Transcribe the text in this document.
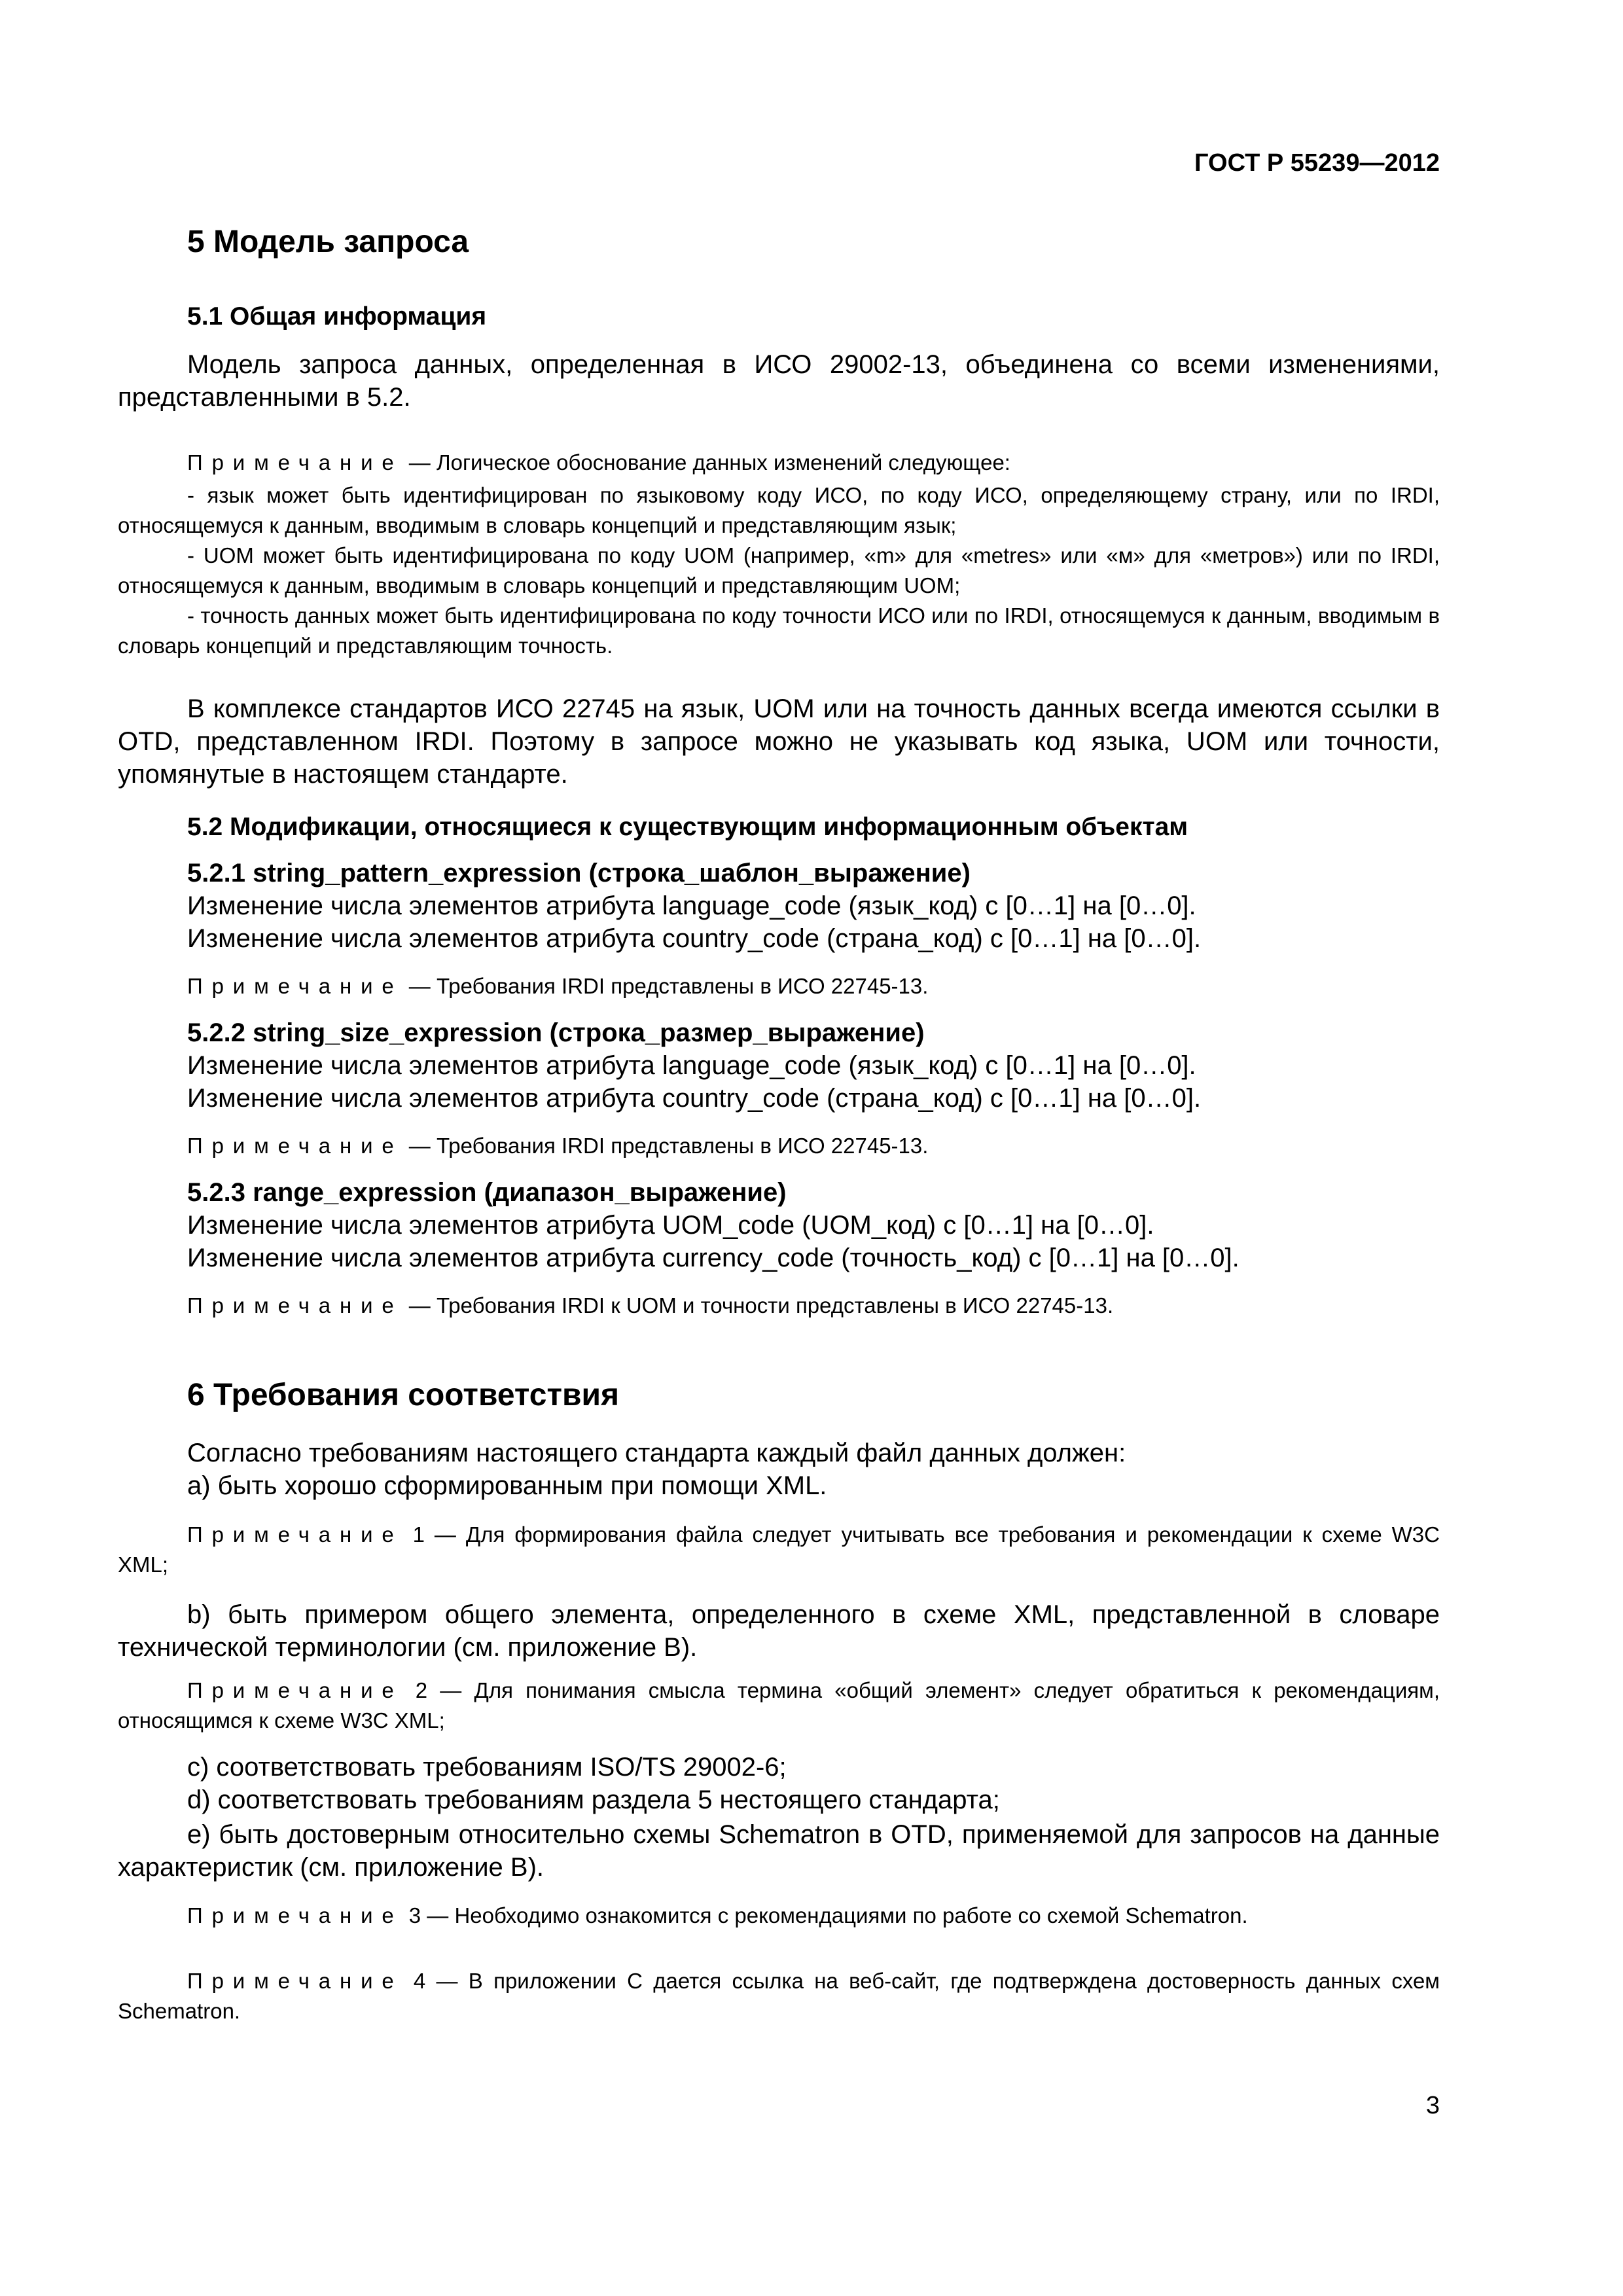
ГОСТ Р 55239—2012
5 Модель запроса
5.1 Общая информация
Модель запроса данных, определенная в ИСО 29002-13, объединена со всеми изменениями, представленными в 5.2.
Примечание — Логическое обоснование данных изменений следующее:
- язык может быть идентифицирован по языковому коду ИСО, по коду ИСО, определяющему страну, или по IRDI, относящемуся к данным, вводимым в словарь концепций и представляющим язык;
- UOM может быть идентифицирована по коду UOM (например, «m» для «metres» или «м» для «метров») или по IRDI, относящемуся к данным, вводимым в словарь концепций и представляющим UOM;
- точность данных может быть идентифицирована по коду точности ИСО или по IRDI, относящемуся к данным, вводимым в словарь концепций и представляющим точность.
В комплексе стандартов ИСО 22745 на язык, UOM или на точность данных всегда имеются ссылки в OTD, представленном IRDI. Поэтому в запросе можно не указывать код языка, UOM или точности, упомянутые в настоящем стандарте.
5.2 Модификации, относящиеся к существующим информационным объектам
5.2.1 string_pattern_expression (строка_шаблон_выражение)
Изменение числа элементов атрибута language_code (язык_код) с [0…1] на [0…0].
Изменение числа элементов атрибута country_code (страна_код) с [0…1] на [0…0].
Примечание — Требования IRDI представлены в ИСО 22745-13.
5.2.2 string_size_expression (строка_размер_выражение)
Изменение числа элементов атрибута language_code (язык_код) с [0…1] на [0…0].
Изменение числа элементов атрибута country_code (страна_код) с [0…1] на [0…0].
Примечание — Требования IRDI представлены в ИСО 22745-13.
5.2.3 range_expression (диапазон_выражение)
Изменение числа элементов атрибута UOM_code (UOM_код) с [0…1] на [0…0].
Изменение числа элементов атрибута currency_code (точность_код) с [0…1] на [0…0].
Примечание — Требования IRDI к UOM и точности представлены в ИСО 22745-13.
6 Требования соответствия
Согласно требованиям настоящего стандарта каждый файл данных должен:
a) быть хорошо сформированным при помощи XML.
Примечание 1 — Для формирования файла следует учитывать все требования и рекомендации к схеме W3C XML;
b) быть примером общего элемента, определенного в схеме XML, представленной в словаре технической терминологии (см. приложение B).
Примечание 2 — Для понимания смысла термина «общий элемент» следует обратиться к рекомендациям, относящимся к схеме W3C XML;
c) соответствовать требованиям ISO/TS 29002-6;
d) соответствовать требованиям раздела 5 нестоящего стандарта;
e) быть достоверным относительно схемы Schematron в OTD, применяемой для запросов на данные характеристик (см. приложение В).
Примечание 3 — Необходимо ознакомится с рекомендациями по работе со схемой Schematron.
Примечание 4 — В приложении С дается ссылка на веб-сайт, где подтверждена достоверность данных схем Schematron.
3
